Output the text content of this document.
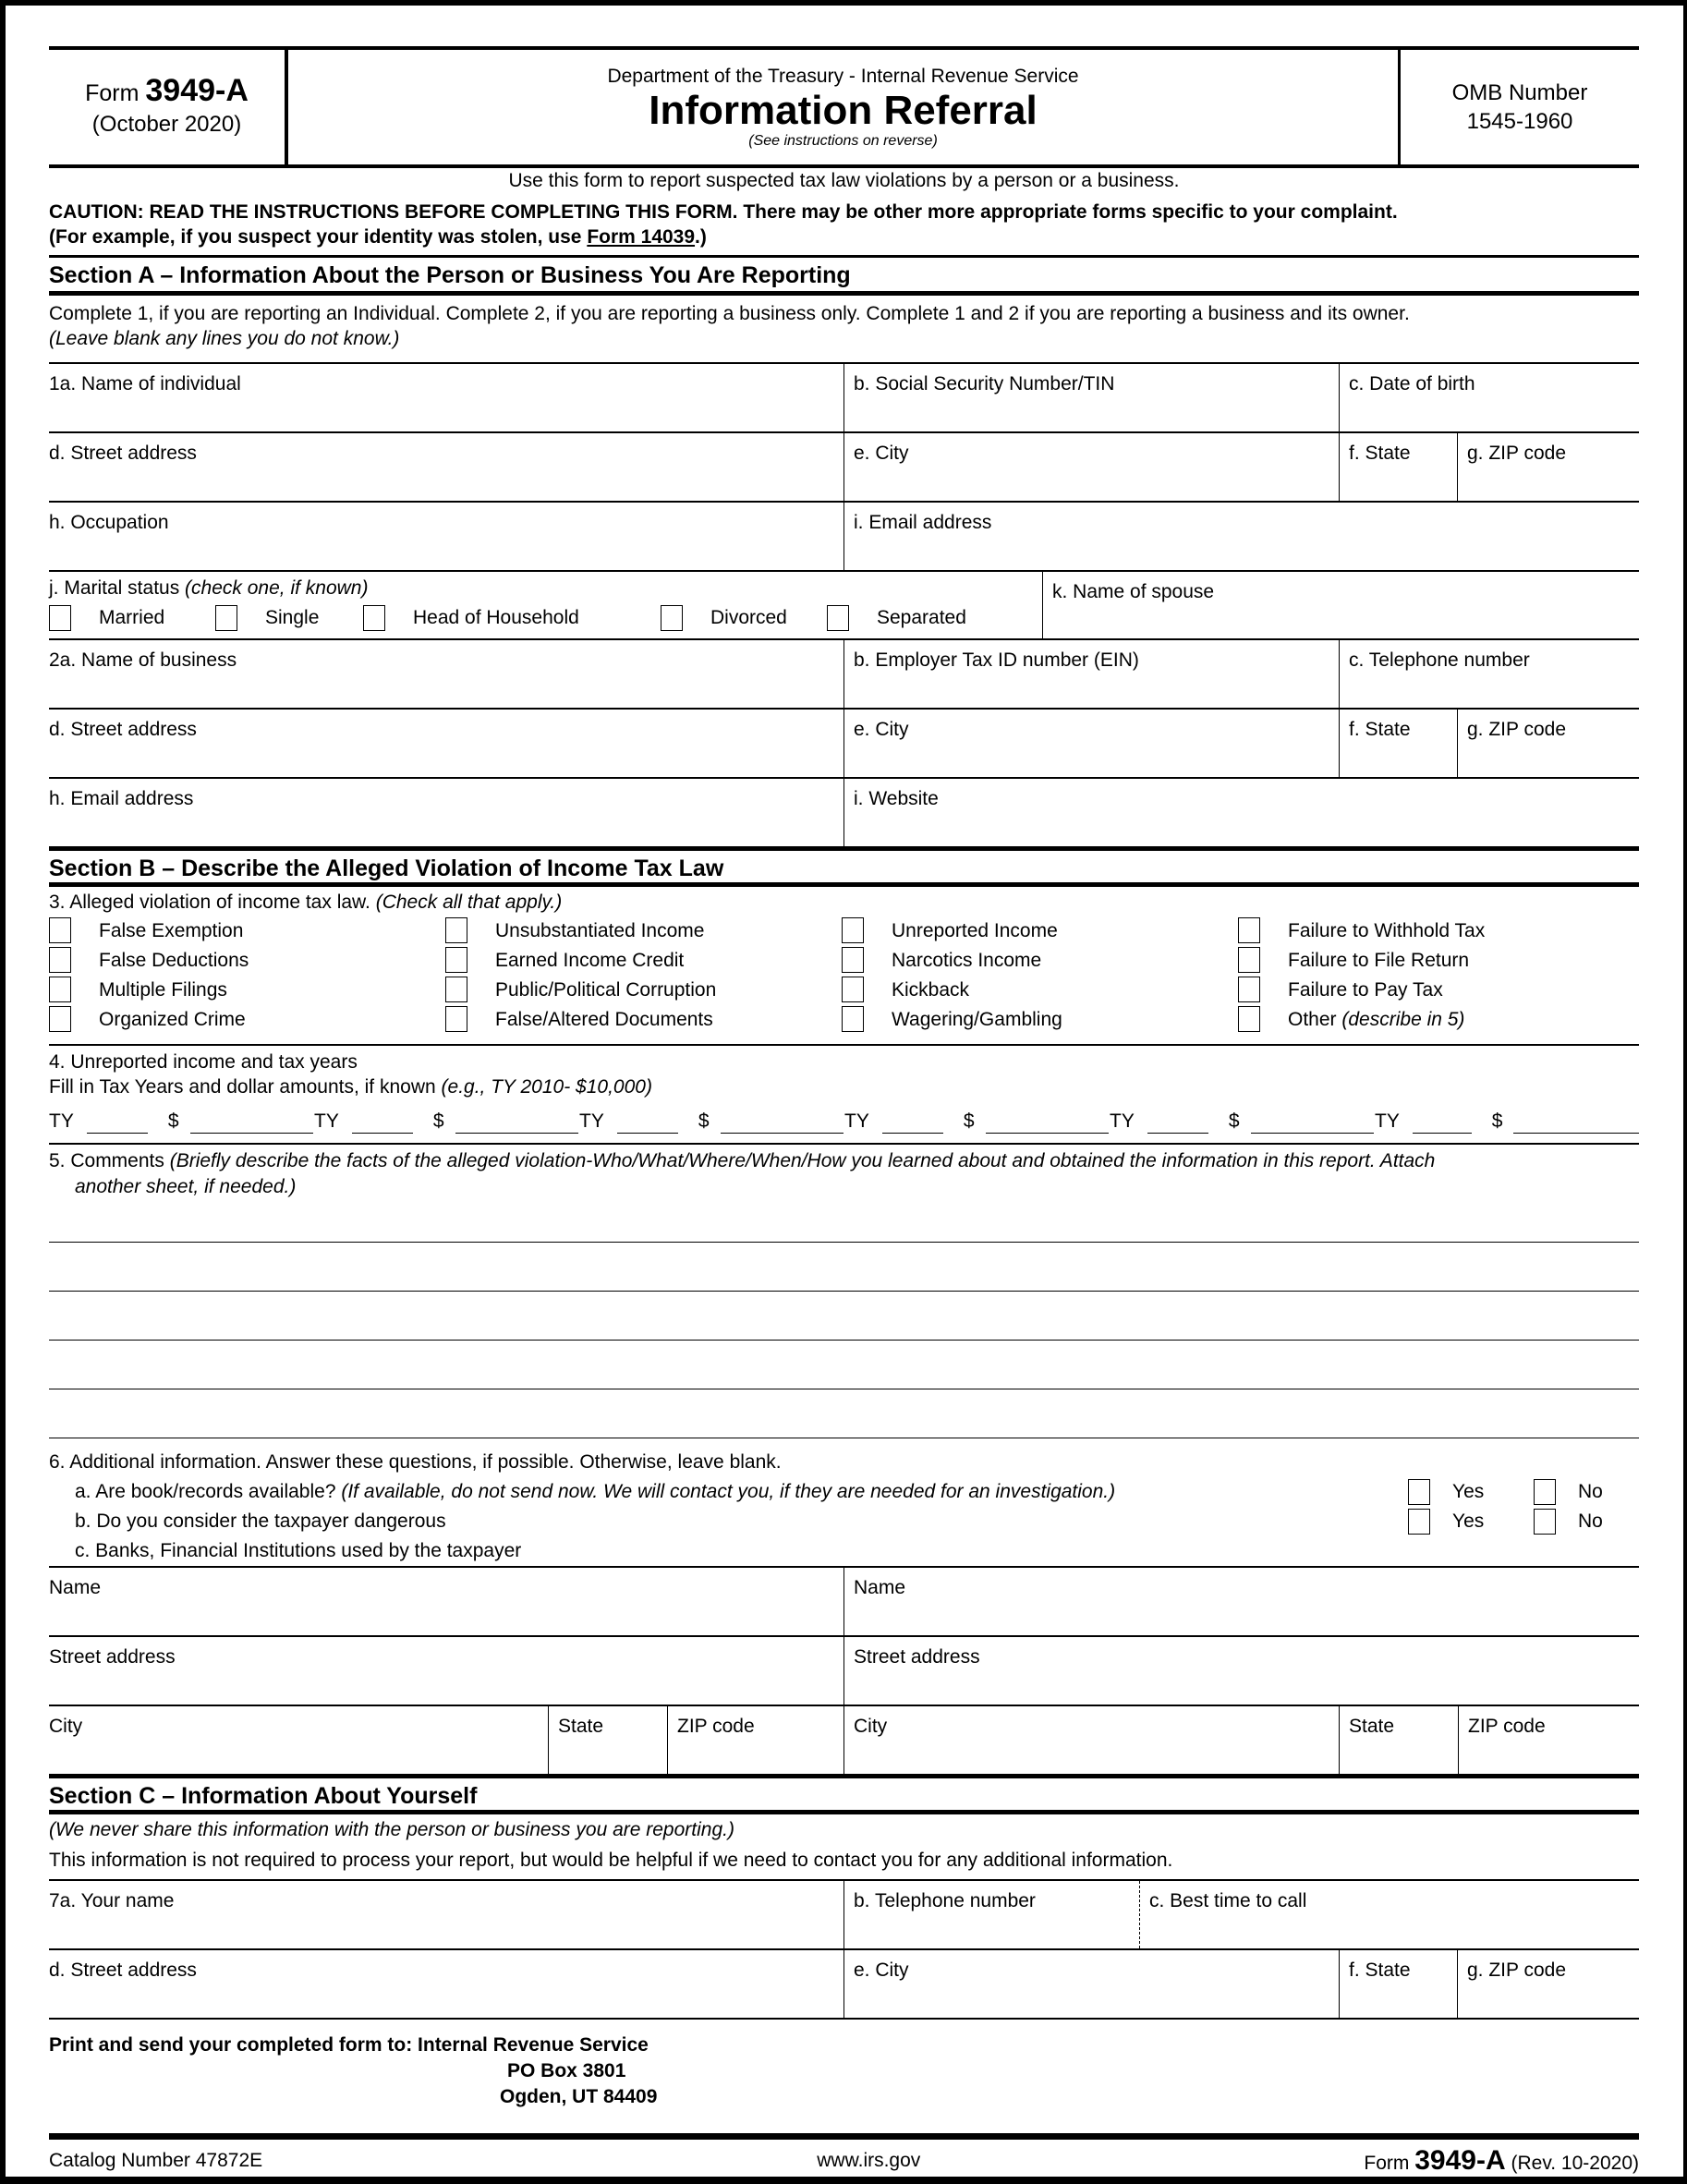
Form 3949-A
(October 2020)
Department of the Treasury - Internal Revenue Service
Information Referral
(See instructions on reverse)
OMB Number
1545-1960
Use this form to report suspected tax law violations by a person or a business.
CAUTION: READ THE INSTRUCTIONS BEFORE COMPLETING THIS FORM. There may be other more appropriate forms specific to your complaint.
(For example, if you suspect your identity was stolen, use Form 14039.)
Section A – Information About the Person or Business You Are Reporting
Complete 1, if you are reporting an Individual. Complete 2, if you are reporting a business only. Complete 1 and 2 if you are reporting a business and its owner.
(Leave blank any lines you do not know.)
1a. Name of individual	b. Social Security Number/TIN	c. Date of birth
d. Street address	e. City	f. State	g. ZIP code
h. Occupation	i. Email address
j. Marital status (check one, if known)
Married	Single	Head of Household	Divorced	Separated
k. Name of spouse
2a. Name of business	b. Employer Tax ID number (EIN)	c. Telephone number
d. Street address	e. City	f. State	g. ZIP code
h. Email address	i. Website
Section B – Describe the Alleged Violation of Income Tax Law
3. Alleged violation of income tax law. (Check all that apply.)
False Exemption	Unsubstantiated Income	Unreported Income	Failure to Withhold Tax
False Deductions	Earned Income Credit	Narcotics Income	Failure to File Return
Multiple Filings	Public/Political Corruption	Kickback	Failure to Pay Tax
Organized Crime	False/Altered Documents	Wagering/Gambling	Other (describe in 5)
4. Unreported income and tax years
Fill in Tax Years and dollar amounts, if known (e.g., TY 2010- $10,000)
TY	$	TY	$	TY	$	TY	$	TY	$	TY	$
5. Comments (Briefly describe the facts of the alleged violation-Who/What/Where/When/How you learned about and obtained the information in this report. Attach
another sheet, if needed.)
6. Additional information. Answer these questions, if possible. Otherwise, leave blank.
a. Are book/records available? (If available, do not send now. We will contact you, if they are needed for an investigation.)	Yes	No
b. Do you consider the taxpayer dangerous	Yes	No
c. Banks, Financial Institutions used by the taxpayer
Name	Name
Street address	Street address
City	State	ZIP code	City	State	ZIP code
Section C – Information About Yourself
(We never share this information with the person or business you are reporting.)
This information is not required to process your report, but would be helpful if we need to contact you for any additional information.
7a. Your name	b. Telephone number	c. Best time to call
d. Street address	e. City	f. State	g. ZIP code
Print and send your completed form to: Internal Revenue Service
PO Box 3801
Ogden, UT 84409
Catalog Number 47872E	www.irs.gov	Form 3949-A (Rev. 10-2020)
